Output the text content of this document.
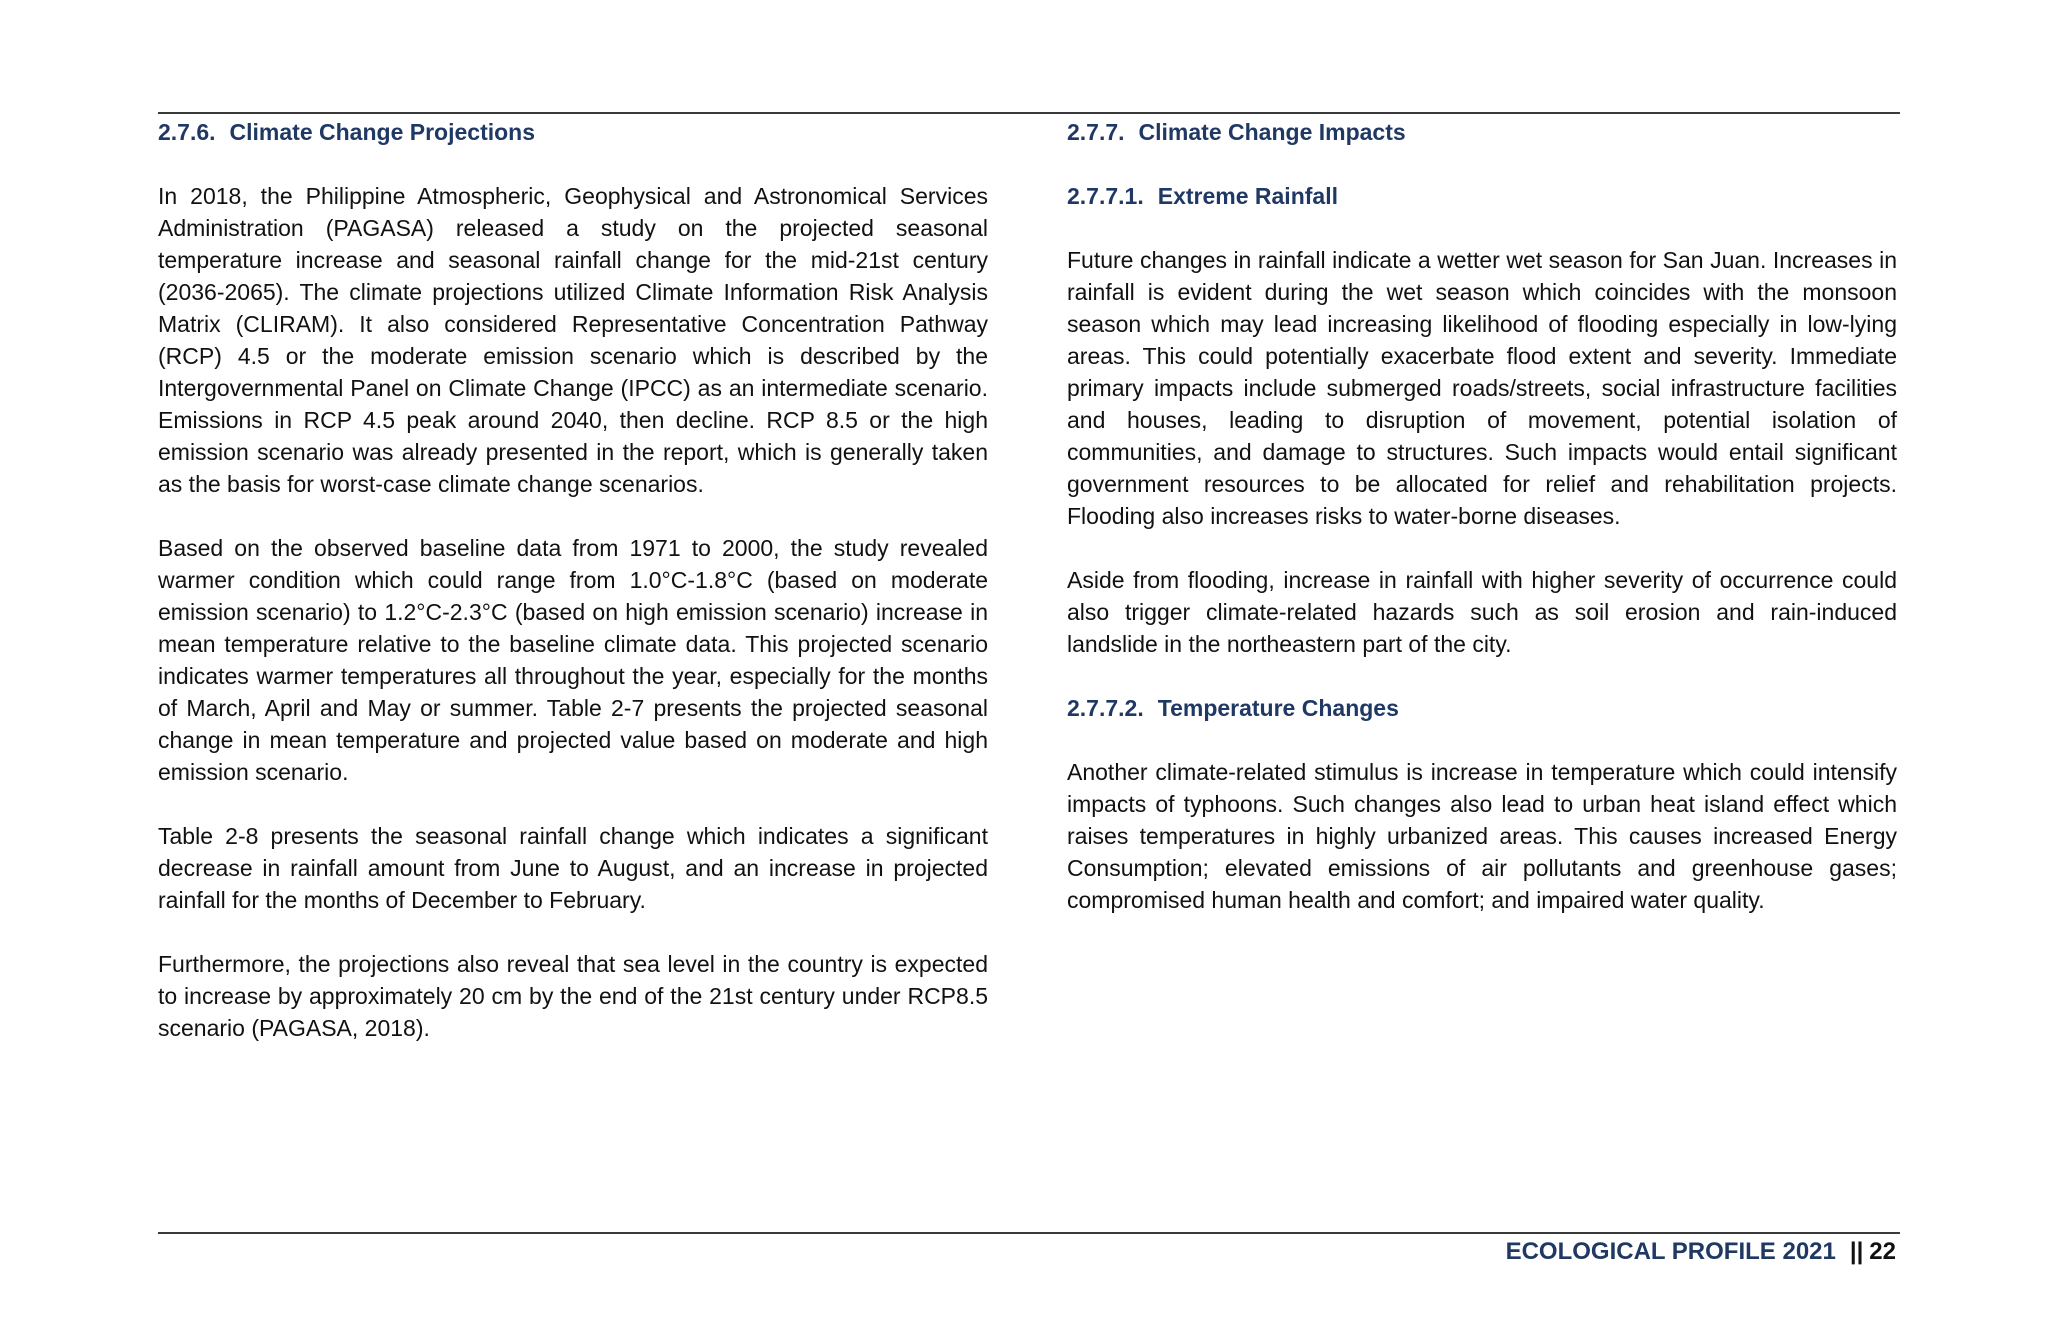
2.7.6. Climate Change Projections

In 2018, the Philippine Atmospheric, Geophysical and Astronomical Services Administration (PAGASA) released a study on the projected seasonal temperature increase and seasonal rainfall change for the mid-21st century (2036-2065). The climate projections utilized Climate Information Risk Analysis Matrix (CLIRAM). It also considered Representative Concentration Pathway (RCP) 4.5 or the moderate emission scenario which is described by the Intergovernmental Panel on Climate Change (IPCC) as an intermediate scenario. Emissions in RCP 4.5 peak around 2040, then decline. RCP 8.5 or the high emission scenario was already presented in the report, which is generally taken as the basis for worst-case climate change scenarios.

Based on the observed baseline data from 1971 to 2000, the study revealed warmer condition which could range from 1.0°C-1.8°C (based on moderate emission scenario) to 1.2°C-2.3°C (based on high emission scenario) increase in mean temperature relative to the baseline climate data. This projected scenario indicates warmer temperatures all throughout the year, especially for the months of March, April and May or summer. Table 2-7 presents the projected seasonal change in mean temperature and projected value based on moderate and high emission scenario.

Table 2-8 presents the seasonal rainfall change which indicates a significant decrease in rainfall amount from June to August, and an increase in projected rainfall for the months of December to February.

Furthermore, the projections also reveal that sea level in the country is expected to increase by approximately 20 cm by the end of the 21st century under RCP8.5 scenario (PAGASA, 2018).

2.7.7. Climate Change Impacts
2.7.7.1. Extreme Rainfall

Future changes in rainfall indicate a wetter wet season for San Juan. Increases in rainfall is evident during the wet season which coincides with the monsoon season which may lead increasing likelihood of flooding especially in low-lying areas. This could potentially exacerbate flood extent and severity. Immediate primary impacts include submerged roads/streets, social infrastructure facilities and houses, leading to disruption of movement, potential isolation of communities, and damage to structures. Such impacts would entail significant government resources to be allocated for relief and rehabilitation projects. Flooding also increases risks to water-borne diseases.

Aside from flooding, increase in rainfall with higher severity of occurrence could also trigger climate-related hazards such as soil erosion and rain-induced landslide in the northeastern part of the city.

2.7.7.2. Temperature Changes

Another climate-related stimulus is increase in temperature which could intensify impacts of typhoons. Such changes also lead to urban heat island effect which raises temperatures in highly urbanized areas. This causes increased Energy Consumption; elevated emissions of air pollutants and greenhouse gases; compromised human health and comfort; and impaired water quality.

ECOLOGICAL PROFILE 2021 || 22
